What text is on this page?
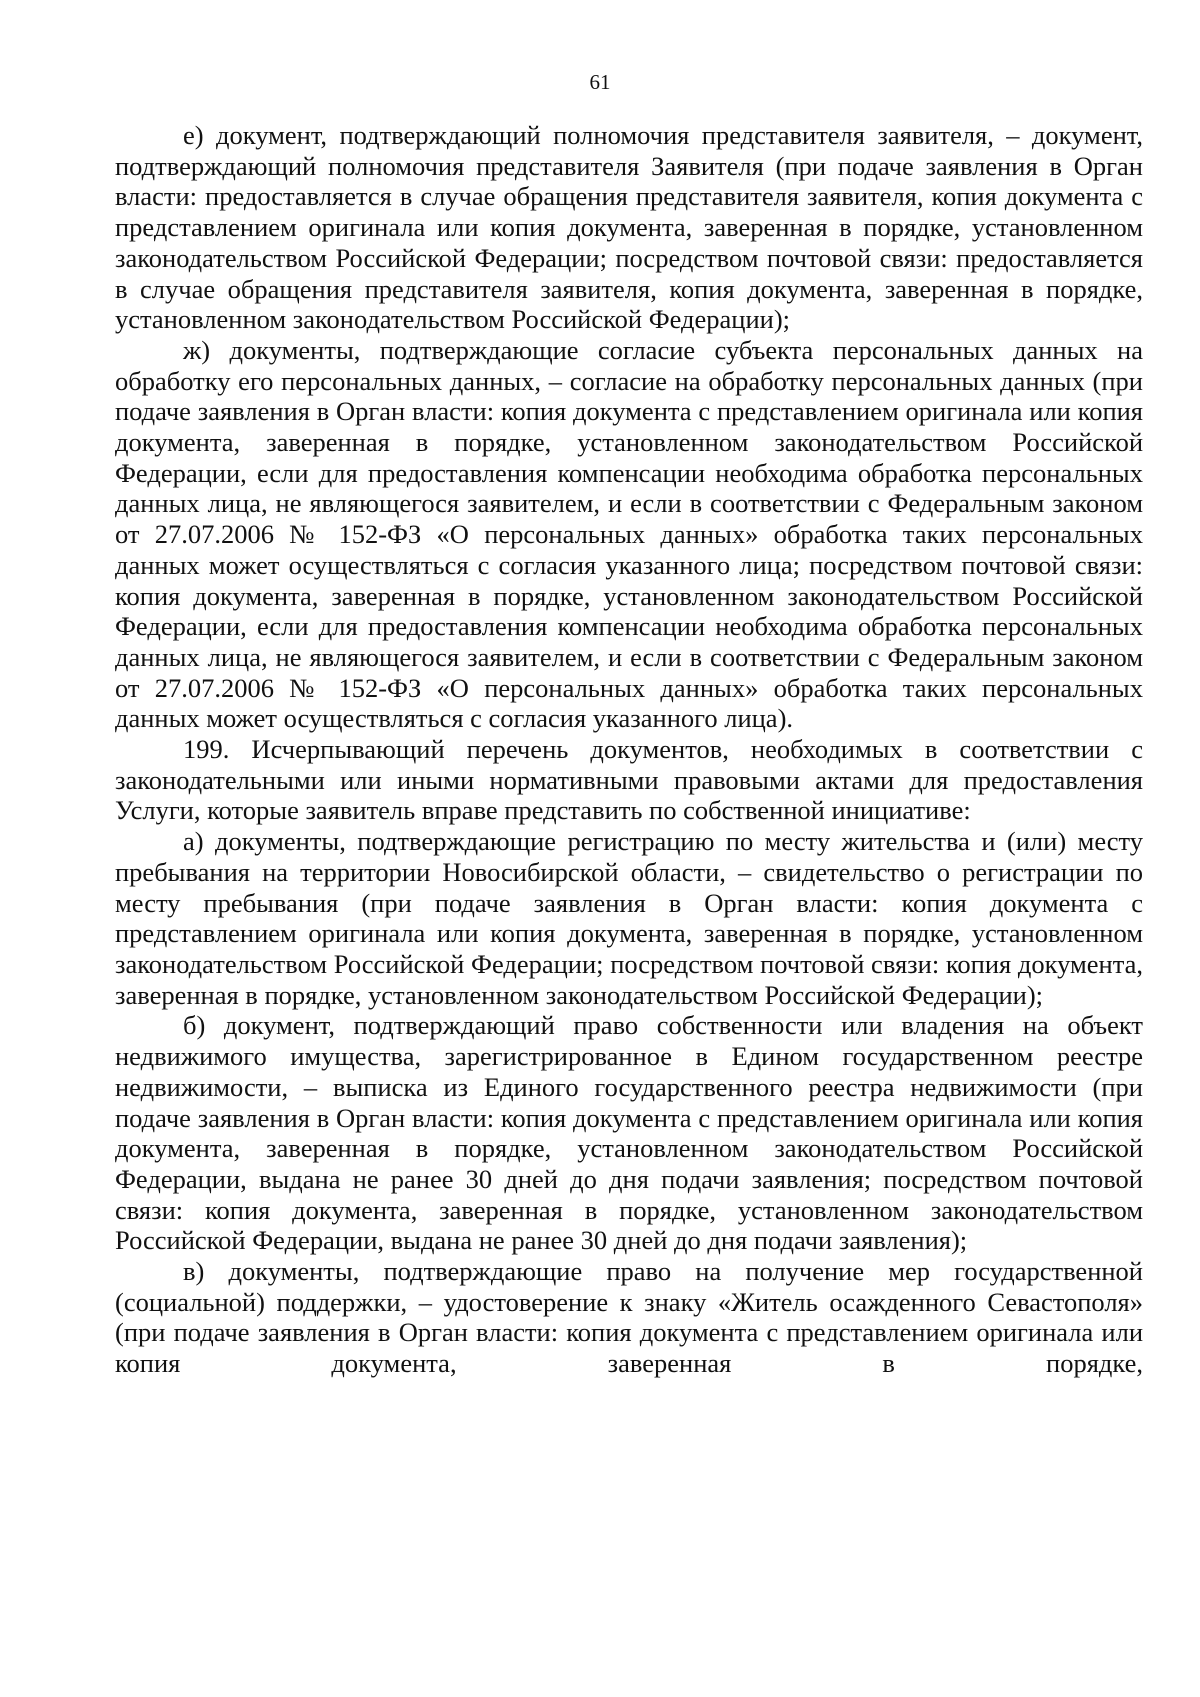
61

е) документ, подтверждающий полномочия представителя заявителя, – документ, подтверждающий полномочия представителя Заявителя (при подаче заявления в Орган власти: предоставляется в случае обращения представителя заявителя, копия документа с представлением оригинала или копия документа, заверенная в порядке, установленном законодательством Российской Федерации; посредством почтовой связи: предоставляется в случае обращения представителя заявителя, копия документа, заверенная в порядке, установленном законодательством Российской Федерации);

ж) документы, подтверждающие согласие субъекта персональных данных на обработку его персональных данных, – согласие на обработку персональных данных (при подаче заявления в Орган власти: копия документа с представлением оригинала или копия документа, заверенная в порядке, установленном законодательством Российской Федерации, если для предоставления компенсации необходима обработка персональных данных лица, не являющегося заявителем, и если в соответствии с Федеральным законом от 27.07.2006 № 152-ФЗ «О персональных данных» обработка таких персональных данных может осуществляться с согласия указанного лица; посредством почтовой связи: копия документа, заверенная в порядке, установленном законодательством Российской Федерации, если для предоставления компенсации необходима обработка персональных данных лица, не являющегося заявителем, и если в соответствии с Федеральным законом от 27.07.2006 № 152-ФЗ «О персональных данных» обработка таких персональных данных может осуществляться с согласия указанного лица).

199. Исчерпывающий перечень документов, необходимых в соответствии с законодательными или иными нормативными правовыми актами для предоставления Услуги, которые заявитель вправе представить по собственной инициативе:

а) документы, подтверждающие регистрацию по месту жительства и (или) месту пребывания на территории Новосибирской области, – свидетельство о регистрации по месту пребывания (при подаче заявления в Орган власти: копия документа с представлением оригинала или копия документа, заверенная в порядке, установленном законодательством Российской Федерации; посредством почтовой связи: копия документа, заверенная в порядке, установленном законодательством Российской Федерации);

б) документ, подтверждающий право собственности или владения на объект недвижимого имущества, зарегистрированное в Едином государственном реестре недвижимости, – выписка из Единого государственного реестра недвижимости (при подаче заявления в Орган власти: копия документа с представлением оригинала или копия документа, заверенная в порядке, установленном законодательством Российской Федерации, выдана не ранее 30 дней до дня подачи заявления; посредством почтовой связи: копия документа, заверенная в порядке, установленном законодательством Российской Федерации, выдана не ранее 30 дней до дня подачи заявления);

в) документы, подтверждающие право на получение мер государственной (социальной) поддержки, – удостоверение к знаку «Житель осажденного Севастополя» (при подаче заявления в Орган власти: копия документа с представлением оригинала или копия документа, заверенная в порядке,
